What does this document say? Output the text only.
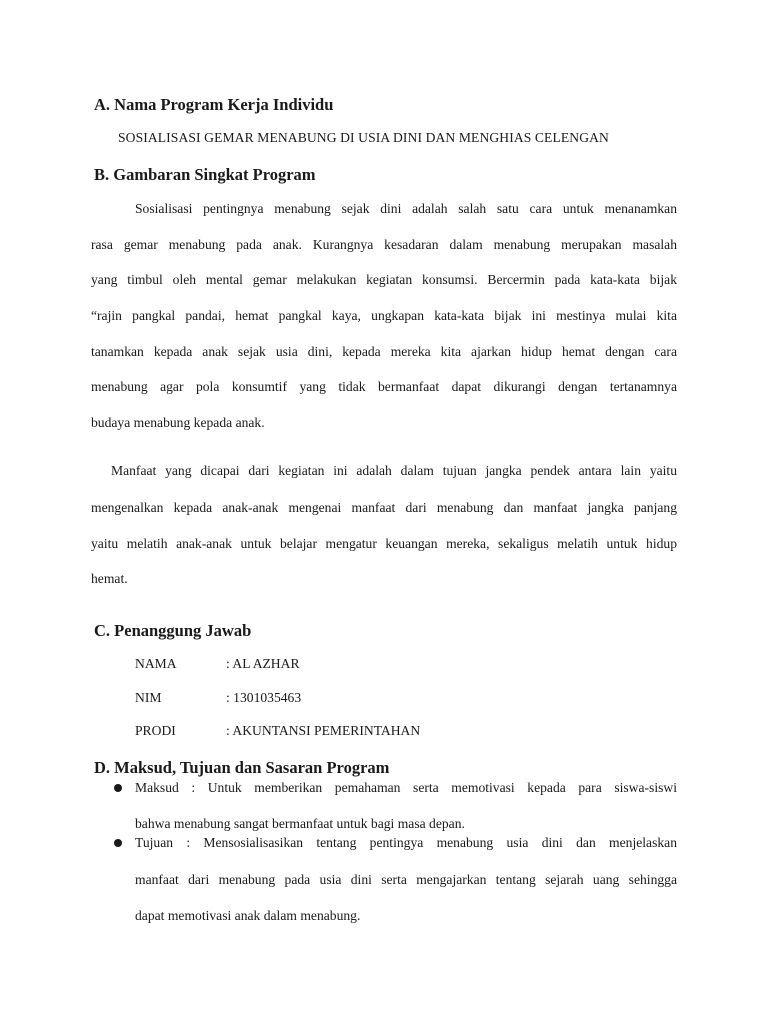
A. Nama Program Kerja Individu
SOSIALISASI GEMAR MENABUNG DI USIA DINI DAN MENGHIAS CELENGAN
B. Gambaran Singkat Program
Sosialisasi pentingnya menabung sejak dini adalah salah satu cara untuk menanamkan
rasa gemar menabung pada anak. Kurangnya kesadaran dalam menabung merupakan masalah
yang timbul oleh mental gemar melakukan kegiatan konsumsi. Bercermin pada kata-kata bijak
“rajin pangkal pandai, hemat pangkal kaya, ungkapan kata-kata bijak ini mestinya mulai kita
tanamkan kepada anak sejak usia dini, kepada mereka kita ajarkan hidup hemat dengan cara
menabung agar pola konsumtif yang tidak bermanfaat dapat dikurangi dengan tertanamnya
budaya menabung kepada anak.
Manfaat yang dicapai dari kegiatan ini adalah dalam tujuan jangka pendek antara lain yaitu
mengenalkan kepada anak-anak mengenai manfaat dari menabung dan manfaat jangka panjang
yaitu melatih anak-anak untuk belajar mengatur keuangan mereka, sekaligus melatih untuk hidup
hemat.
C. Penanggung Jawab
NAMA	: AL AZHAR
NIM	: 1301035463
PRODI	: AKUNTANSI PEMERINTAHAN
D. Maksud, Tujuan dan Sasaran Program
Maksud : Untuk memberikan pemahaman serta memotivasi kepada para siswa-siswi
bahwa menabung sangat bermanfaat untuk bagi masa depan.
Tujuan : Mensosialisasikan tentang pentingya menabung usia dini dan menjelaskan
manfaat dari menabung pada usia dini serta mengajarkan tentang sejarah uang sehingga
dapat memotivasi anak dalam menabung.
